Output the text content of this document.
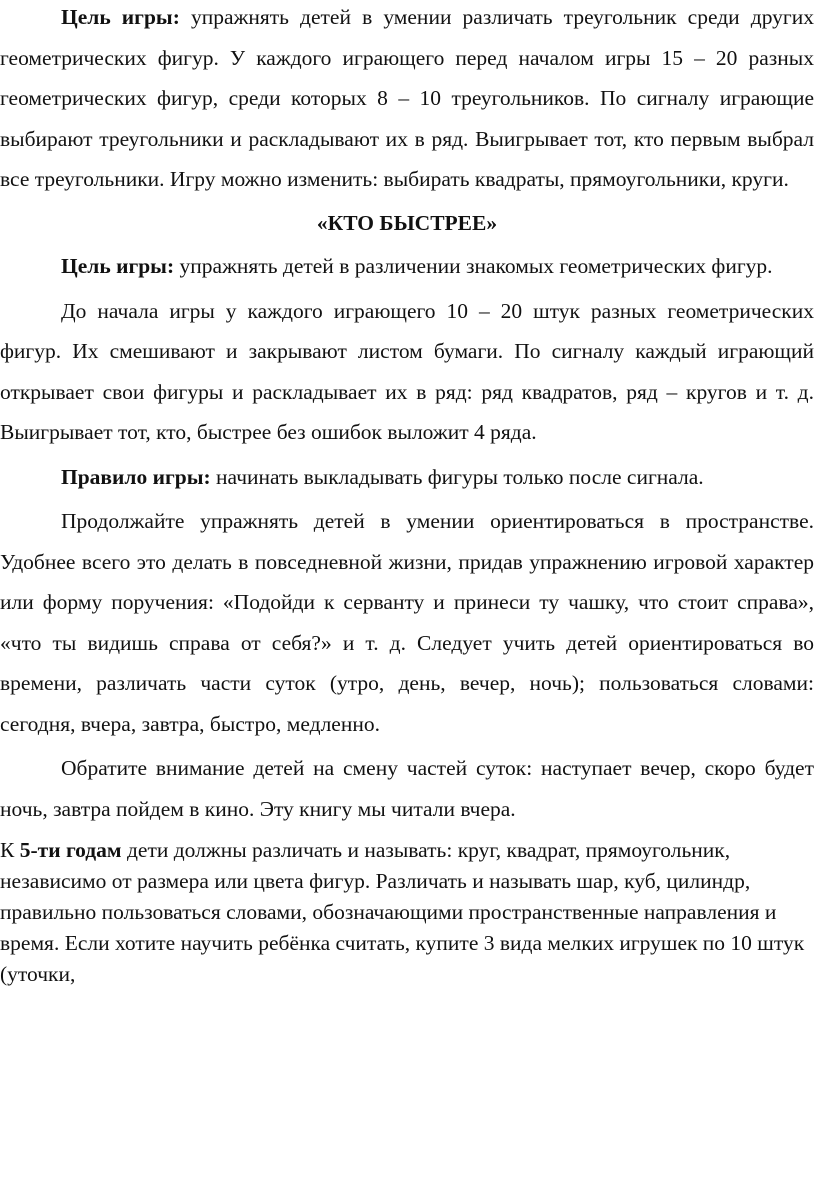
Цель игры: упражнять детей в умении различать треугольник среди других геометрических фигур. У каждого играющего перед началом игры 15 – 20 разных геометрических фигур, среди которых 8 – 10 треугольников. По сигналу играющие выбирают треугольники и раскладывают их в ряд. Выигрывает тот, кто первым выбрал все треугольники. Игру можно изменить: выбирать квадраты, прямоугольники, круги.

«КТО БЫСТРЕЕ»

Цель игры: упражнять детей в различении знакомых геометрических фигур.

До начала игры у каждого играющего 10 – 20 штук разных геометрических фигур. Их смешивают и закрывают листом бумаги. По сигналу каждый играющий открывает свои фигуры и раскладывает их в ряд: ряд квадратов, ряд – кругов и т. д. Выигрывает тот, кто, быстрее без ошибок выложит 4 ряда.

Правило игры: начинать выкладывать фигуры только после сигнала.

Продолжайте упражнять детей в умении ориентироваться в пространстве. Удобнее всего это делать в повседневной жизни, придав упражнению игровой характер или форму поручения: «Подойди к серванту и принеси ту чашку, что стоит справа», «что ты видишь справа от себя?» и т. д. Следует учить детей ориентироваться во времени, различать части суток (утро, день, вечер, ночь); пользоваться словами: сегодня, вчера, завтра, быстро, медленно.

Обратите внимание детей на смену частей суток: наступает вечер, скоро будет ночь, завтра пойдем в кино. Эту книгу мы читали вчера.

К 5-ти годам дети должны различать и называть: круг, квадрат, прямоугольник, независимо от размера или цвета фигур. Различать и называть шар, куб, цилиндр, правильно пользоваться словами, обозначающими пространственные направления и время. Если хотите научить ребёнка считать, купите 3 вида мелких игрушек по 10 штук (уточки,
